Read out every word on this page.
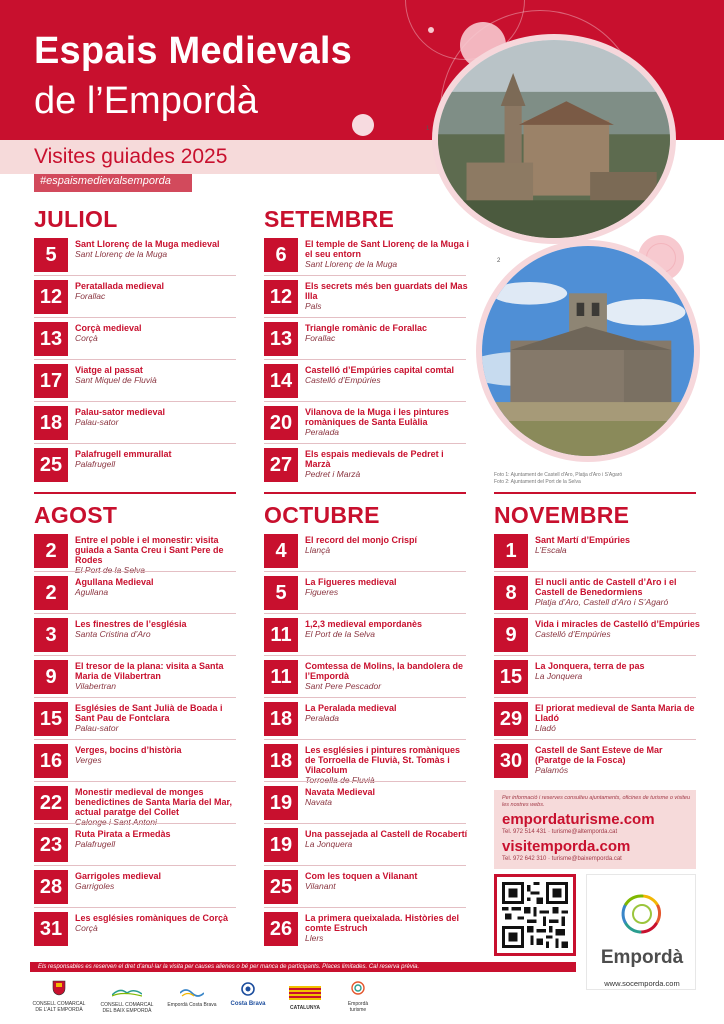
Espais Medievals
de l’Empordà
Visites guiades 2025
#espaismedievalsemporda
1
2
Foto 1: Ajuntament de Castell d'Aro, Platja d'Aro i S'Agaró
Foto 2: Ajuntament del Port de la Selva
JULIOL
5	Sant Llorenç de la Muga medieval
Sant Llorenç de la Muga
12	Peratallada medieval
Forallac
13	Corçà medieval
Corçà
17	Viatge al passat
Sant Miquel de Fluvià
18	Palau-sator medieval
Palau-sator
25	Palafrugell emmurallat
Palafrugell
SETEMBRE
6	El temple de Sant Llorenç de la Muga i el seu entorn
Sant Llorenç de la Muga
12	Els secrets més ben guardats del Mas Illa
Pals
13	Triangle romànic de Forallac
Forallac
14	Castelló d’Empúries capital comtal
Castelló d’Empúries
20	Vilanova de la Muga i les pintures romàniques de Santa Eulàlia
Peralada
27	Els espais medievals de Pedret i Marzà
Pedret i Marzà
AGOST
2	Entre el poble i el monestir: visita guiada a Santa Creu i Sant Pere de Rodes
El Port de la Selva
2	Agullana Medieval
Agullana
3	Les finestres de l’església
Santa Cristina d’Aro
9	El tresor de la plana: visita a Santa Maria de Vilabertran
Vilabertran
15	Esglésies de Sant Julià de Boada i Sant Pau de Fontclara
Palau-sator
16	Verges, bocins d’història
Verges
22	Monestir medieval de monges benedictines de Santa Maria del Mar, actual paratge del Collet
Calonge i Sant Antoni
23	Ruta Pirata a Ermedàs
Palafrugell
28	Garrigoles medieval
Garrigoles
31	Les esglésies romàniques de Corçà
Corçà
OCTUBRE
4	El record del monjo Crispí
Llançà
5	La Figueres medieval
Figueres
11	1,2,3 medieval empordanès
El Port de la Selva
11	Comtessa de Molins, la bandolera de l’Empordà
Sant Pere Pescador
18	La Peralada medieval
Peralada
18	Les esglésies i pintures romàniques de Torroella de Fluvià, St. Tomàs i Vilacolum
Torroella de Fluvià
19	Navata Medieval
Navata
19	Una passejada al Castell de Rocabertí
La Jonquera
25	Com les toquen a Vilanant
Vilanant
26	La primera queixalada. Històries del comte Estruch
Llers
NOVEMBRE
1	Sant Martí d’Empúries
L’Escala
8	El nucli antic de Castell d’Aro i el Castell de Benedormiens
Platja d’Aro, Castell d’Aro i S’Agaró
9	Vida i miracles de Castelló d’Empúries
Castelló d’Empúries
15	La Jonquera, terra de pas
La Jonquera
29	El priorat medieval de Santa Maria de Lladó
Lladó
30	Castell de Sant Esteve de Mar (Paratge de la Fosca)
Palamós
Per informació i reserves consulteu ajuntaments, oficines de turisme o visiteu les nostres webs.
empordaturisme.com
Tel. 972 514 431 · turisme@altemporda.cat
visitemporda.com
Tel. 972 642 310 · turisme@baixemporda.cat
Empordà
www.socemporda.com
Els responsables es reserven el dret d’anul·lar la visita per causes alienes o bé per manca de participants. Places limitades. Cal reserva prèvia.
CONSELL COMARCAL
DE L’ALT EMPORDÀ
CONSELL COMARCAL
DEL BAIX EMPORDÀ
Empordà Costa Brava	Costa Brava
CATALUNYA
Empordà
turisme
